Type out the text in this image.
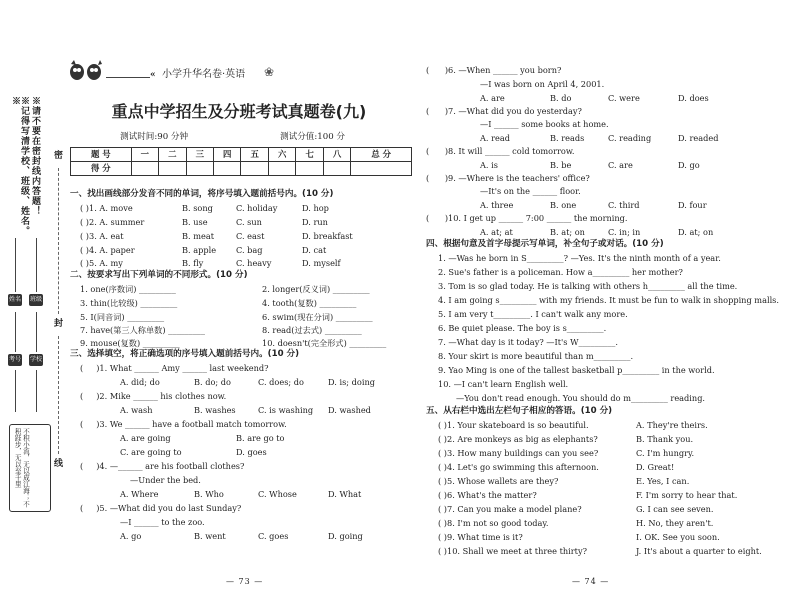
※记得写清学校、班级、姓名。※	※请不要在密封线内答题！
姓名 班级
考号 学校
不积小流，无以成江海；不积跬步，无以至千里
密
封
线
« 小学升华名卷·英语 ❀
重点中学招生及分班考试真题卷(九)
测试时间:90 分钟	测试分值:100 分
题 号	一	二	三	四	五	六	七	八	总 分
得 分									
一、找出画线部分发音不同的单词，将序号填入题前括号内。(10 分)
( )1. A. move	B. song	C. holiday	D. hop
( )2. A. summer	B. use	C. sun	D. run
( )3. A. eat	B. meat	C. east	D. breakfast
( )4. A. paper	B. apple C. bag	D. cat
( )5. A. my	B. fly	C. heavy	D. myself
二、按要求写出下列单词的不同形式。(10 分)
1. one(序数词) _________	2. longer(反义词) _________
3. thin(比较级) _________	4. tooth(复数) _________
5. I(同音词) _________	6. swim(现在分词) _________
7. have(第三人称单数) _________	8. read(过去式) _________
9. mouse(复数) _________	10. doesn't(完全形式) _________
三、选择填空，将正确选项的序号填入题前括号内。(10 分)
(     )1. What ______ Amy ______ last weekend?
A. did; do	B. do; do	C. does; do	D. is; doing
(     )2. Mike ______ his clothes now.
A. wash	B. washes	C. is washing D. washed
(     )3. We ______ have a football match tomorrow.
A. are going	B. are go to
C. are going to	D. goes
(     )4. —______ are his football clothes?
—Under the bed.
A. Where	B. Who	C. Whose	D. What
(     )5. —What did you do last Sunday?
—I ______ to the zoo.
A. go	B. went	C. goes	D. going
— 73 —
(      )6. —When ______ you born?
—I was born on April 4, 2001.
A. are	B. do	C. were	D. does
(      )7. —What did you do yesterday?
—I ______ some books at home.
A. read	B. reads	C. reading	D. readed
(      )8. It will ______ cold tomorrow.
A. is	B. be	C. are	D. go
(      )9. —Where is the teachers' office?
—It's on the ______ floor.
A. three	B. one	C. third	D. four
(      )10. I get up ______ 7:00 ______ the morning.
A. at; at	B. at; on	C. in; in	D. at; on
四、根据句意及首字母提示写单词，补全句子或对话。(10 分)
1. —Was he born in S_________? —Yes. It's the ninth month of a year.
2. Sue's father is a policeman. How a_________ her mother?
3. Tom is so glad today. He is talking with others h_________ all the time.
4. I am going s_________ with my friends. It must be fun to walk in shopping malls.
5. I am very t_________. I can't walk any more.
6. Be quiet please. The boy is s_________.
7. —What day is it today? —It's W_________.
8. Your skirt is more beautiful than m_________.
9. Yao Ming is one of the tallest basketball p_________ in the world.
10. —I can't learn English well.
—You don't read enough. You should do m_________ reading.
五、从右栏中选出左栏句子相应的答语。(10 分)
( )1. Your skateboard is so beautiful.	A. They're theirs.
( )2. Are monkeys as big as elephants?	B. Thank you.
( )3. How many buildings can you see?	C. I'm hungry.
( )4. Let's go swimming this afternoon.	D. Great!
( )5. Whose wallets are they?	E. Yes, I can.
( )6. What's the matter?	F. I'm sorry to hear that.
( )7. Can you make a model plane?	G. I can see seven.
( )8. I'm not so good today.	H. No, they aren't.
( )9. What time is it?	I. OK. See you soon.
( )10. Shall we meet at three thirty?	J. It's about a quarter to eight.
— 74 —
